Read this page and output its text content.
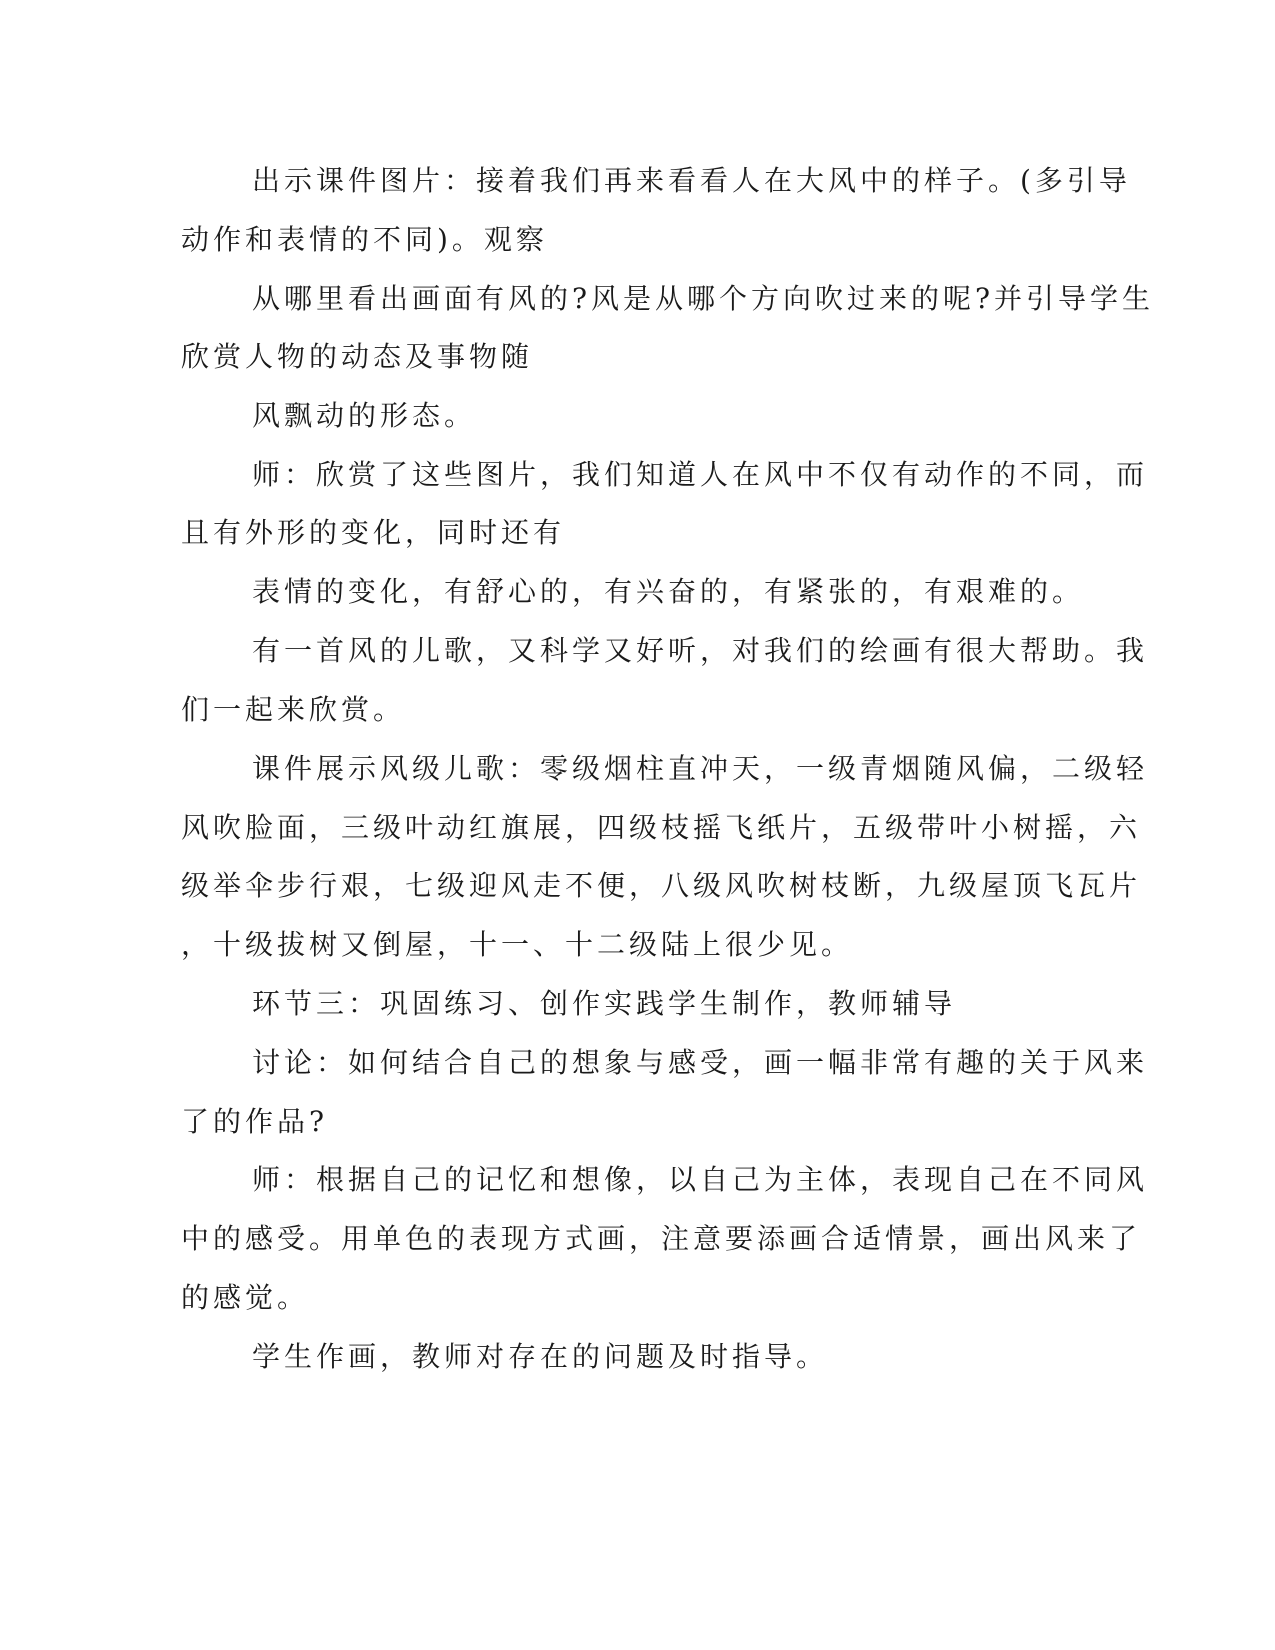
出示课件图片：接着我们再来看看人在大风中的样子。(多引导

动作和表情的不同)。观察

从哪里看出画面有风的?风是从哪个方向吹过来的呢?并引导学生

欣赏人物的动态及事物随

风飘动的形态。

师：欣赏了这些图片，我们知道人在风中不仅有动作的不同，而

且有外形的变化，同时还有

表情的变化，有舒心的，有兴奋的，有紧张的，有艰难的。

有一首风的儿歌，又科学又好听，对我们的绘画有很大帮助。我

们一起来欣赏。

课件展示风级儿歌：零级烟柱直冲天，一级青烟随风偏，二级轻

风吹脸面，三级叶动红旗展，四级枝摇飞纸片，五级带叶小树摇，六

级举伞步行艰，七级迎风走不便，八级风吹树枝断，九级屋顶飞瓦片

，十级拔树又倒屋，十一、十二级陆上很少见。

环节三：巩固练习、创作实践学生制作，教师辅导

讨论：如何结合自己的想象与感受，画一幅非常有趣的关于风来

了的作品?

师：根据自己的记忆和想像，以自己为主体，表现自己在不同风

中的感受。用单色的表现方式画，注意要添画合适情景，画出风来了

的感觉。

学生作画，教师对存在的问题及时指导。
